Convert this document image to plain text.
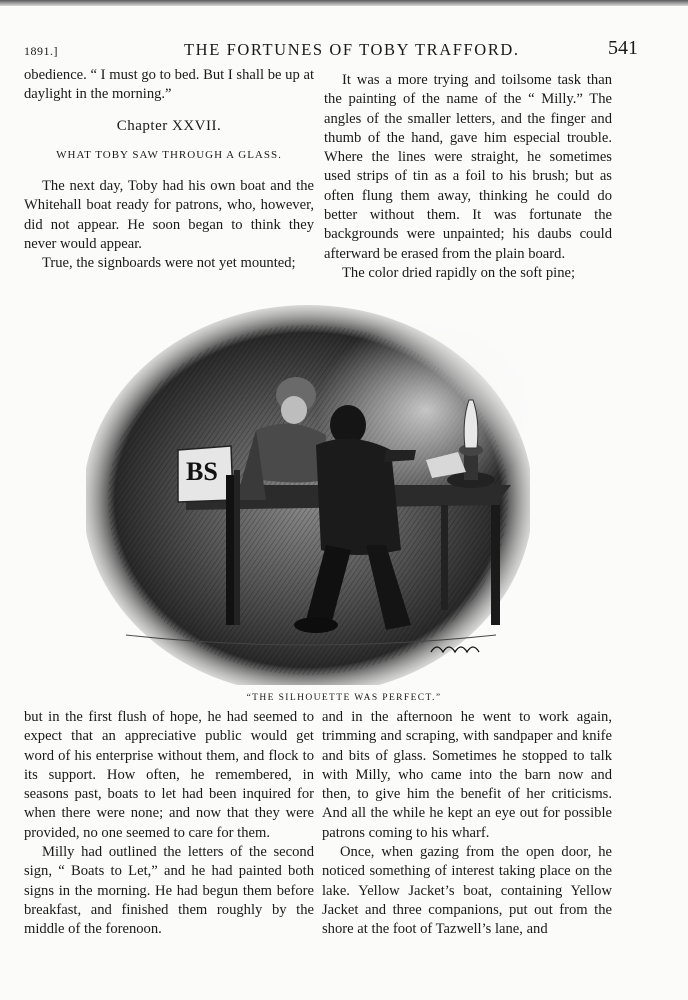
1891.]	THE FORTUNES OF TOBY TRAFFORD.	541

obedience. “ I must go to bed. But I shall be up at daylight in the morning.”

Chapter XXVII.
WHAT TOBY SAW THROUGH A GLASS.

The next day, Toby had his own boat and the Whitehall boat ready for patrons, who, however, did not appear. He soon began to think they never would appear.

True, the signboards were not yet mounted;

It was a more trying and toilsome task than the painting of the name of the “ Milly.” The angles of the smaller letters, and the finger and thumb of the hand, gave him especial trouble. Where the lines were straight, he sometimes used strips of tin as a foil to his brush; but as often flung them away, thinking he could do better without them. It was fortunate the backgrounds were unpainted; his daubs could afterward be erased from the plain board.

The color dried rapidly on the soft pine;

BS
“THE SILHOUETTE WAS PERFECT.”

but in the first flush of hope, he had seemed to expect that an appreciative public would get word of his enterprise without them, and flock to its support. How often, he remembered, in seasons past, boats to let had been inquired for when there were none; and now that they were provided, no one seemed to care for them.

Milly had outlined the letters of the second sign, “ Boats to Let,” and he had painted both signs in the morning. He had begun them before breakfast, and finished them roughly by the middle of the forenoon.

and in the afternoon he went to work again, trimming and scraping, with sandpaper and knife and bits of glass. Sometimes he stopped to talk with Milly, who came into the barn now and then, to give him the benefit of her criticisms. And all the while he kept an eye out for possible patrons coming to his wharf.

Once, when gazing from the open door, he noticed something of interest taking place on the lake. Yellow Jacket’s boat, containing Yellow Jacket and three companions, put out from the shore at the foot of Tazwell’s lane, and
